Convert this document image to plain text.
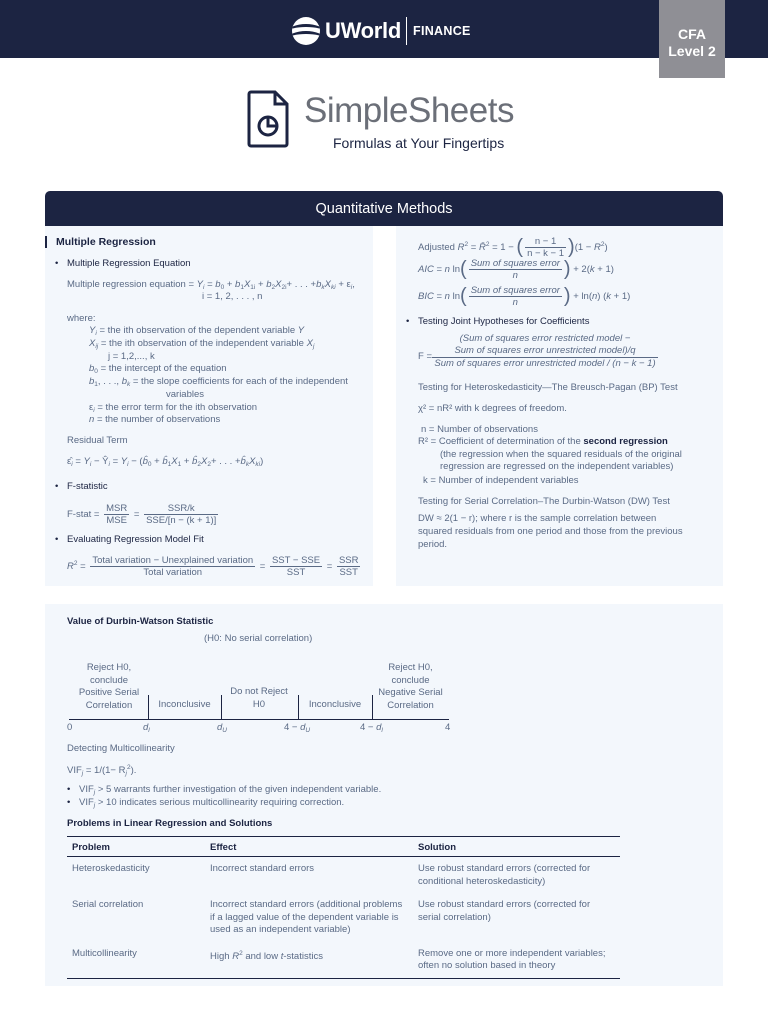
UWorld FINANCE	CFA
Level 2
SimpleSheets
Formulas at Your Fingertips
Quantitative Methods
Multiple Regression
• Multiple Regression Equation
Multiple regression equation = $Y_i = b_0 + b_1X_{1i} + b_2X_{2i}+$ . . . $+b_kX_{ki} + \varepsilon_i$,
i = 1, 2, . . . , n
where:
$Y_i$ = the ith observation of the dependent variable Y
$X_{ij}$ = the ith observation of the independent variable $X_j$
j = 1,2,..., k
$b_0$ = the intercept of the equation
$b_1$, . . ., $b_k$ = the slope coefficients for each of the independent
variables
$\varepsilon_i$ = the error term for the ith observation
n = the number of observations
Residual Term
$\varepsilon̂_i = Y_i$ − $Ŷ_i = Y_i$ − ($b̂_0$ + $b̂_1X_1$ + $b̂_2X_2+$ . . . $+b̂_kX_{ki}$)
• F-statistic
F-stat = $\frac{\text{MSR}}{\text{MSE}} = \frac{\text{SSR/k}}{\text{SSE/[n − (k + 1)]}}$
• Evaluating Regression Model Fit
$R^2 = \frac{\text{Total variation − Unexplained variation}}{\text{Total variation}} = \frac{\text{SST − SSE}}{\text{SST}} = \frac{\text{SSR}}{\text{SST}}$
Adjusted $R^2$ = R̄$^2$ = 1 − ( $\frac{n - 1}{n - k - 1} )(1 - R^2)$
AIC = n $\ln( \frac{\text{Sum of squares error}}{n}$ ) + 2(k + 1)
BIC = n $\ln( \frac{\text{Sum of squares error}}{n}$ ) + ln(n) (k + 1)
• Testing Joint Hypotheses for Coefficients
F =
(Sum of squares error restricted model −
Sum of squares error unrestricted model)/q
Sum of squares error unrestricted model / (n − k − 1)
Testing for Heteroskedasticity—The Breusch-Pagan (BP) Test
χ² = nR² with k degrees of freedom.
n = Number of observations
R² = Coefficient of determination of the second regression
(the regression when the squared residuals of the original
regression are regressed on the independent variables)
k = Number of independent variables
Testing for Serial Correlation–The Durbin-Watson (DW) Test
DW ≈ 2(1 − r); where r is the sample correlation between
squared residuals from one period and those from the previous
period.
Value of Durbin-Watson Statistic
(H0: No serial correlation)
Reject H0,
conclude
Positive Serial
Correlation	Inconclusive
Do not Reject
H0	Inconclusive
Reject H0,
conclude
Negative Serial
Correlation
0	$d_l$	$d_U$	$4 - d_U$	$4 - d_l$	4
Detecting Multicollinearity
$VIF_j = 1/(1- R_j^2)$.
• $VIF_j > 5$ warrants further investigation of the given independent variable.
• $VIF_j > 10$ indicates serious multicollinearity requiring correction.
Problems in Linear Regression and Solutions
Problem	Effect	Solution
Heteroskedasticity	Incorrect standard errors	Use robust standard errors (corrected for conditional heteroskedasticity)
Serial correlation	Incorrect standard errors (additional problems if a lagged value of the dependent variable is used as an independent variable)	Use robust standard errors (corrected for serial correlation)
Multicollinearity	High $R^2$ and low t-statistics	Remove one or more independent variables; often no solution based in theory
